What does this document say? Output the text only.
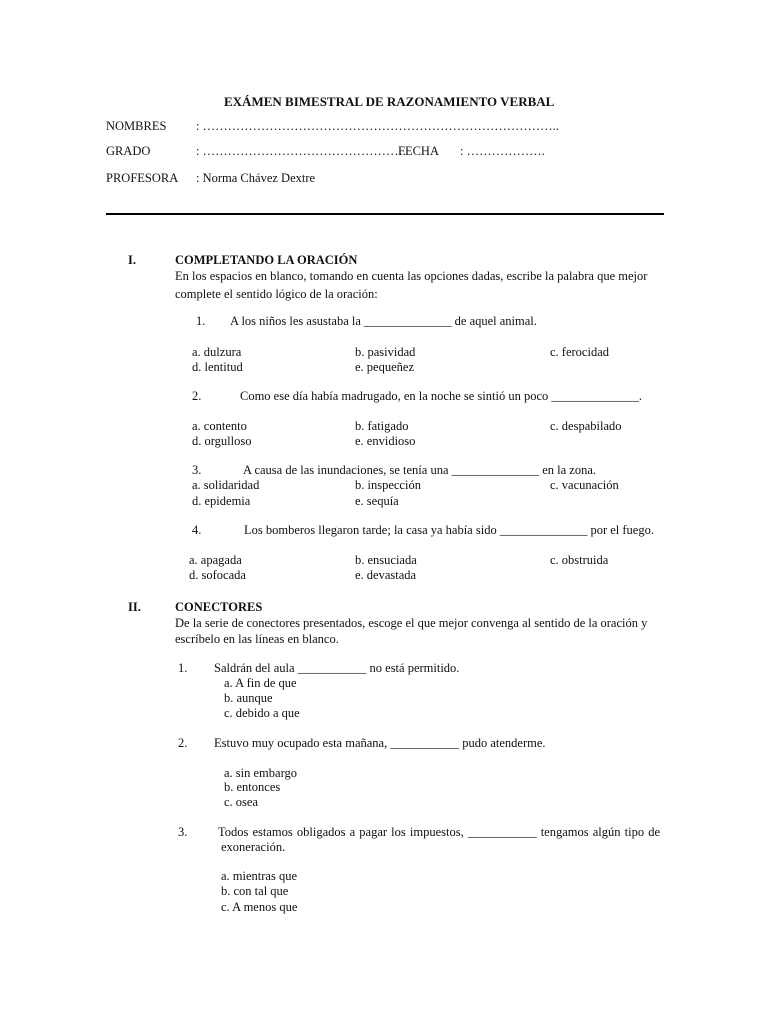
EXÁMEN BIMESTRAL DE RAZONAMIENTO VERBAL
NOMBRES : …………………………………………………………………………..
GRADO	: ………………………………………….
FECHA : ……………….
PROFESORA : Norma Chávez Dextre
I.	COMPLETANDO LA ORACIÓN
En los espacios en blanco, tomando en cuenta las opciones dadas, escribe la palabra que mejor
complete el sentido lógico de la oración:
1. A los niños les asustaba la ______________ de aquel animal.
a. dulzura	b. pasividad	c. ferocidad
d. lentitud	e. pequeñez
2.	Como ese día había madrugado, en la noche se sintió un poco ______________.
a. contento	b. fatigado	c. despabilado
d. orgulloso	e. envidioso
3.	A causa de las inundaciones, se tenía una ______________ en la zona.
a. solidaridad	b. inspección	c. vacunación
d. epidemia	e. sequía
4.	Los bomberos llegaron tarde; la casa ya había sido ______________ por el fuego.
a. apagada	b. ensuciada	c. obstruida
d. sofocada	e. devastada
II.	CONECTORES
De la serie de conectores presentados, escoge el que mejor convenga al sentido de la oración y
escríbelo en las líneas en blanco.
1. Saldrán del aula ___________ no está permitido.
a. A fin de que
b. aunque
c. debido a que
2. Estuvo muy ocupado esta mañana, ___________ pudo atenderme.
a. sin embargo
b. entonces
c. osea
3. Todos estamos obligados a pagar los impuestos, ___________ tengamos algún tipo de
exoneración.
a. mientras que
b. con tal que
c. A menos que
